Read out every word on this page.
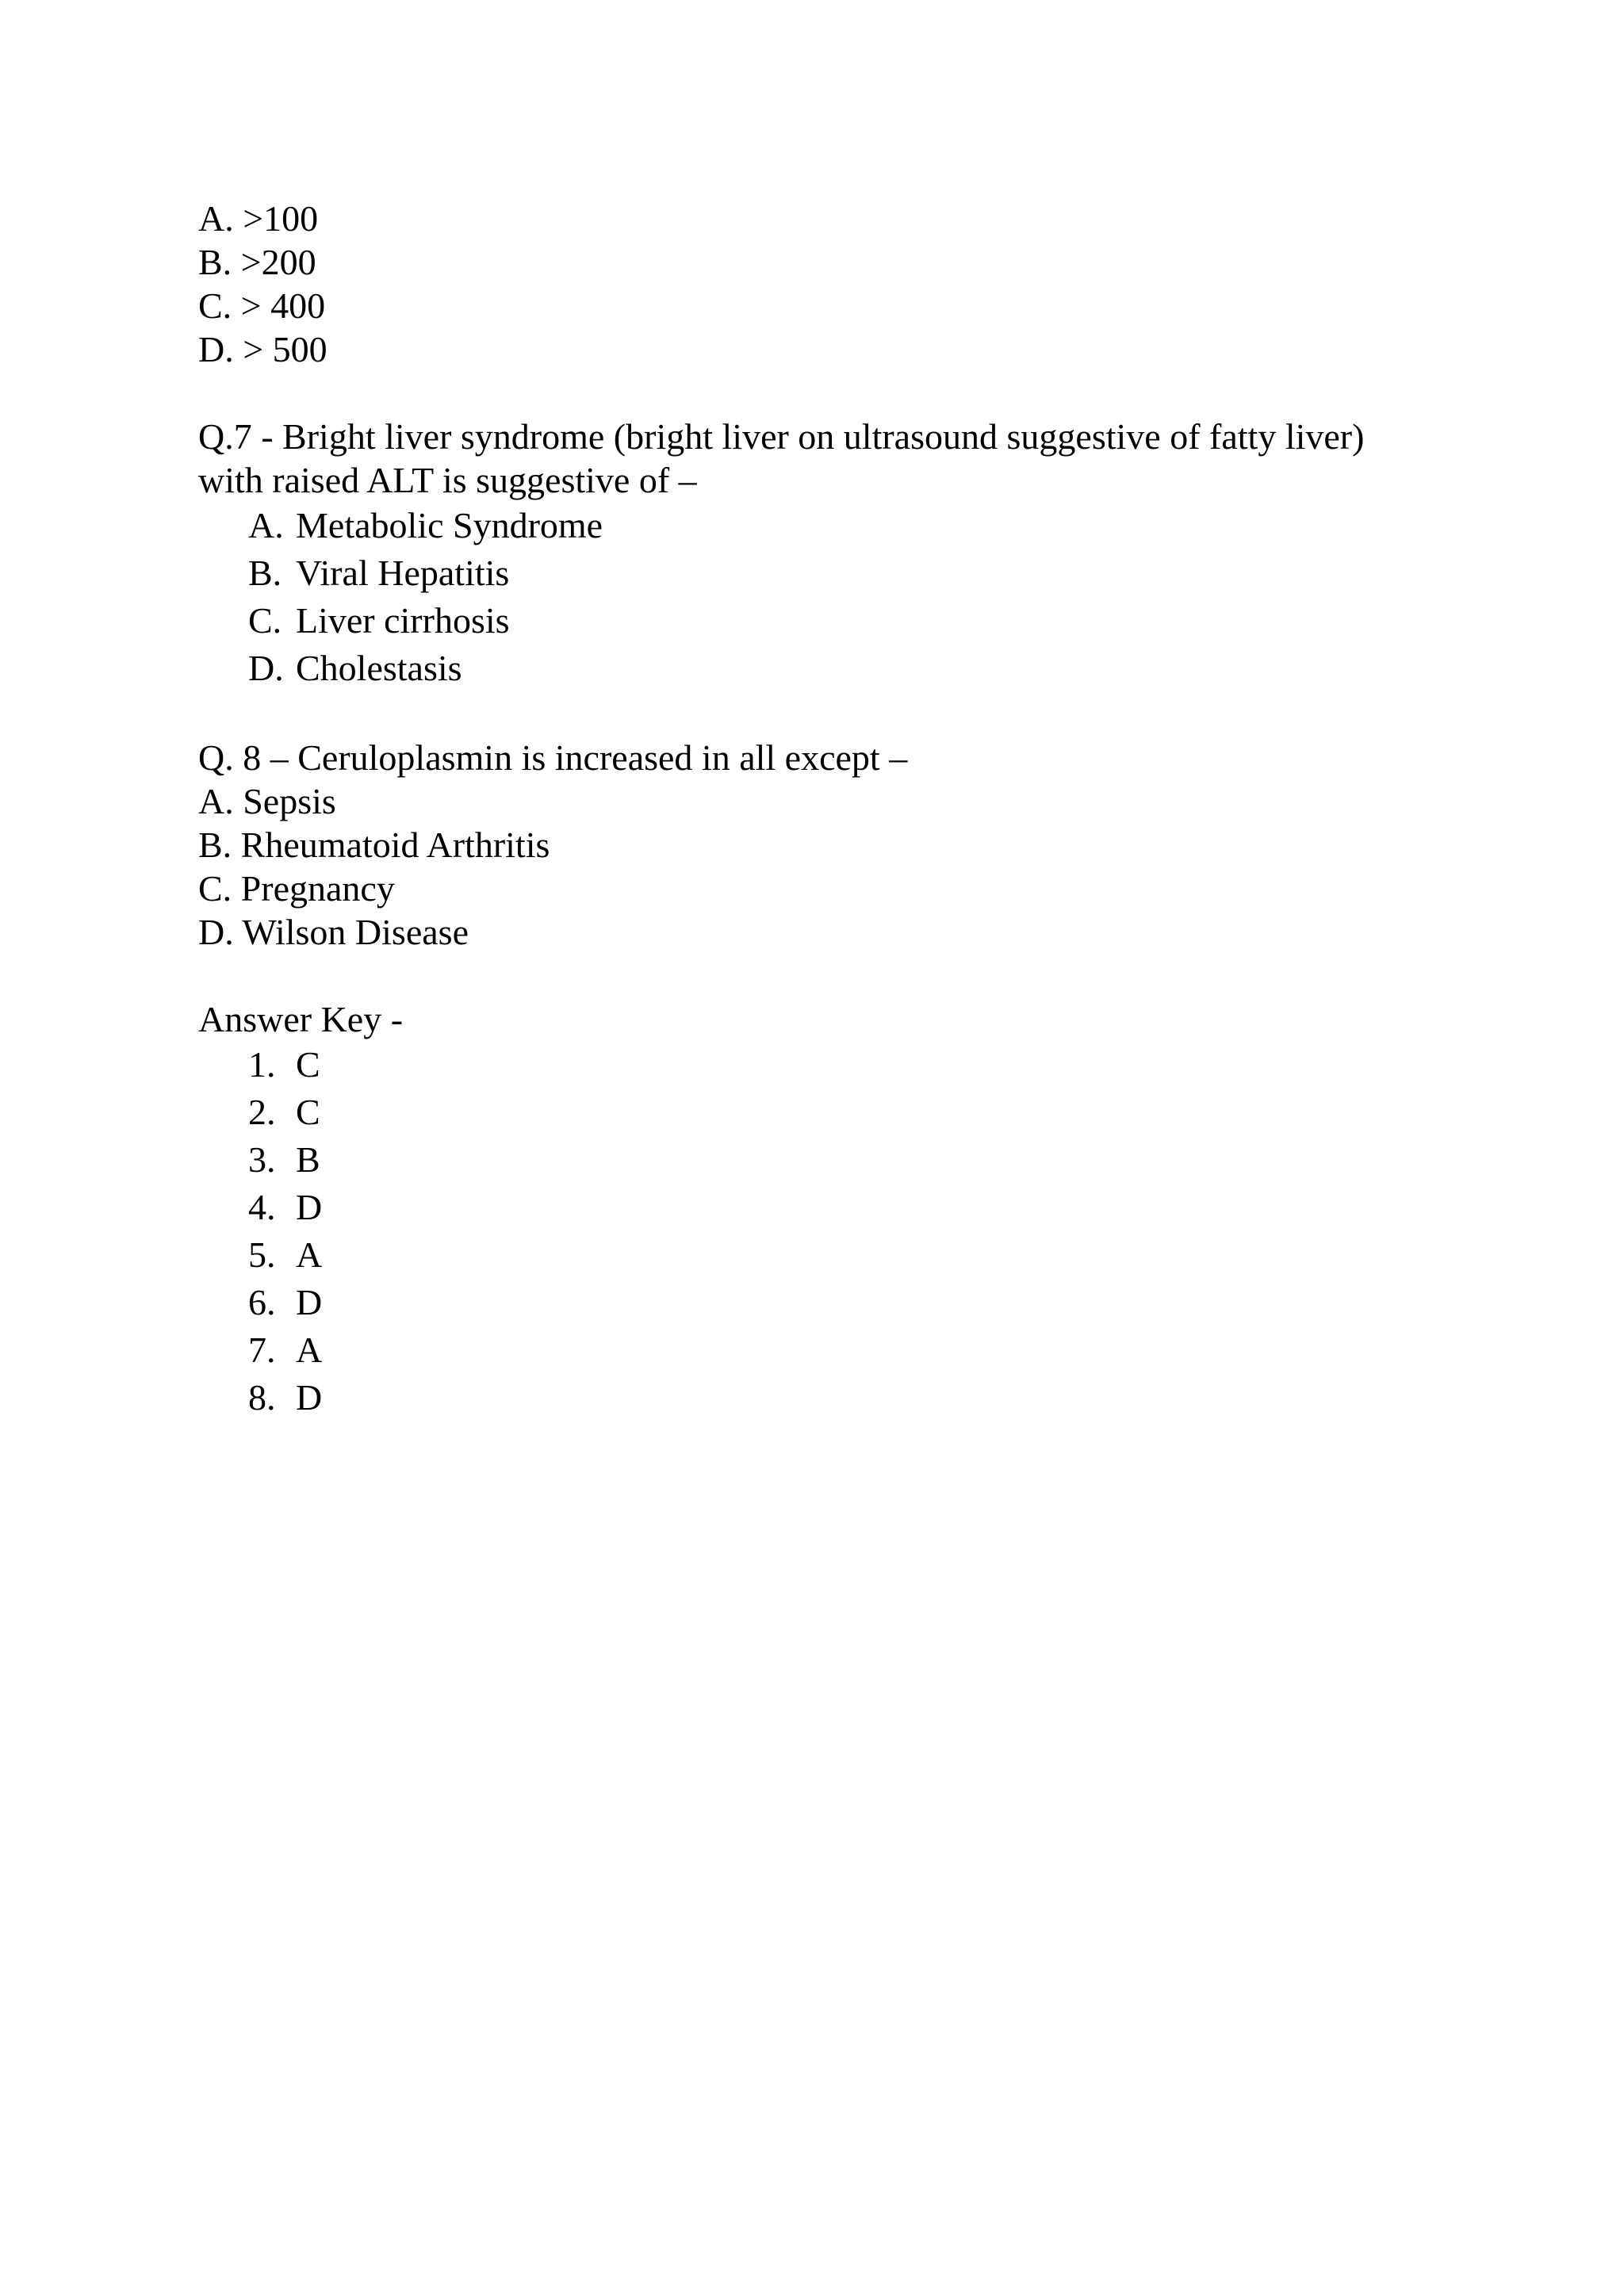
A. >100
B. >200
C. > 400
D. > 500
Q.7 - Bright liver syndrome (bright liver on ultrasound suggestive of fatty liver) with raised ALT is suggestive of –
A. Metabolic Syndrome
B. Viral Hepatitis
C. Liver cirrhosis
D. Cholestasis
Q. 8 – Ceruloplasmin is increased in all except –
A. Sepsis
B. Rheumatoid Arthritis
C. Pregnancy
D. Wilson Disease
Answer Key -
1. C
2. C
3. B
4. D
5. A
6. D
7. A
8. D
